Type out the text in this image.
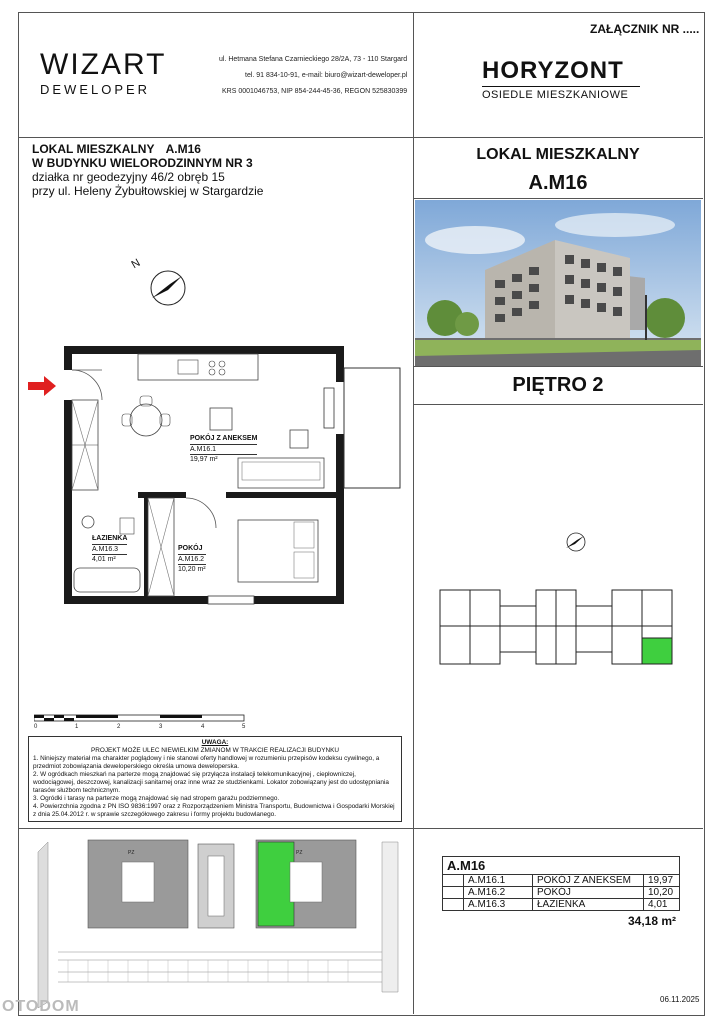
ZAŁĄCZNIK NR .....
WIZART
DEWELOPER
ul. Hetmana Stefana Czarnieckiego 28/2A, 73 - 110 Stargard
tel. 91 834-10-91, e-mail: biuro@wizart-deweloper.pl
KRS 0001046753, NIP 854-244-45-36, REGON 525830399
HORYZONT
OSIEDLE MIESZKANIOWE
LOKAL MIESZKALNY A.M16
W BUDYNKU WIELORODZINNYM NR 3
działka nr geodezyjny 46/2 obręb 15
przy ul. Heleny Żybułtowskiej w Stargardzie
LOKAL MIESZKALNY
A.M16
PIĘTRO 2
N
POKÓJ Z ANEKSEM
A.M16.1
19,97 m²
POKÓJ
A.M16.2
10,20 m²
ŁAZIENKA
A.M16.3
4,01 m²
0	1	2	3	4	5
UWAGA:
PROJEKT MOŻE ULEC NIEWIELKIM ZMIANOM W TRAKCIE REALIZACJI BUDYNKU
1. Niniejszy materiał ma charakter poglądowy i nie stanowi oferty handlowej w rozumieniu przepisów kodeksu cywilnego, a przedmiot zobowiązania deweloperskiego określa umowa deweloperska.
2. W ogródkach mieszkań na parterze mogą znajdować się przyłącza instalacji telekomunikacyjnej , ciepłowniczej, wodociągowej, deszczowej, kanalizacji sanitarnej oraz inne wraz ze studzienkami. Lokator zobowiązany jest do udostępniania tarasów służbom technicznym.
3. Ogródki i tarasy na parterze mogą znajdować się nad stropem garażu podziemnego.
4. Powierzchnia zgodna z PN ISO 9836:1997 oraz z Rozporządzeniem Ministra Transportu, Budownictwa i Gospodarki Morskiej z dnia 25.04.2012 r. w sprawie szczegółowego zakresu i formy projektu budowlanego.
PZ	PZ
A.M16
A.M16.1	POKÓJ Z ANEKSEM	19,97
A.M16.2	POKÓJ	10,20
A.M16.3	ŁAZIENKA	4,01
34,18 m²
06.11.2025
OTODOM
